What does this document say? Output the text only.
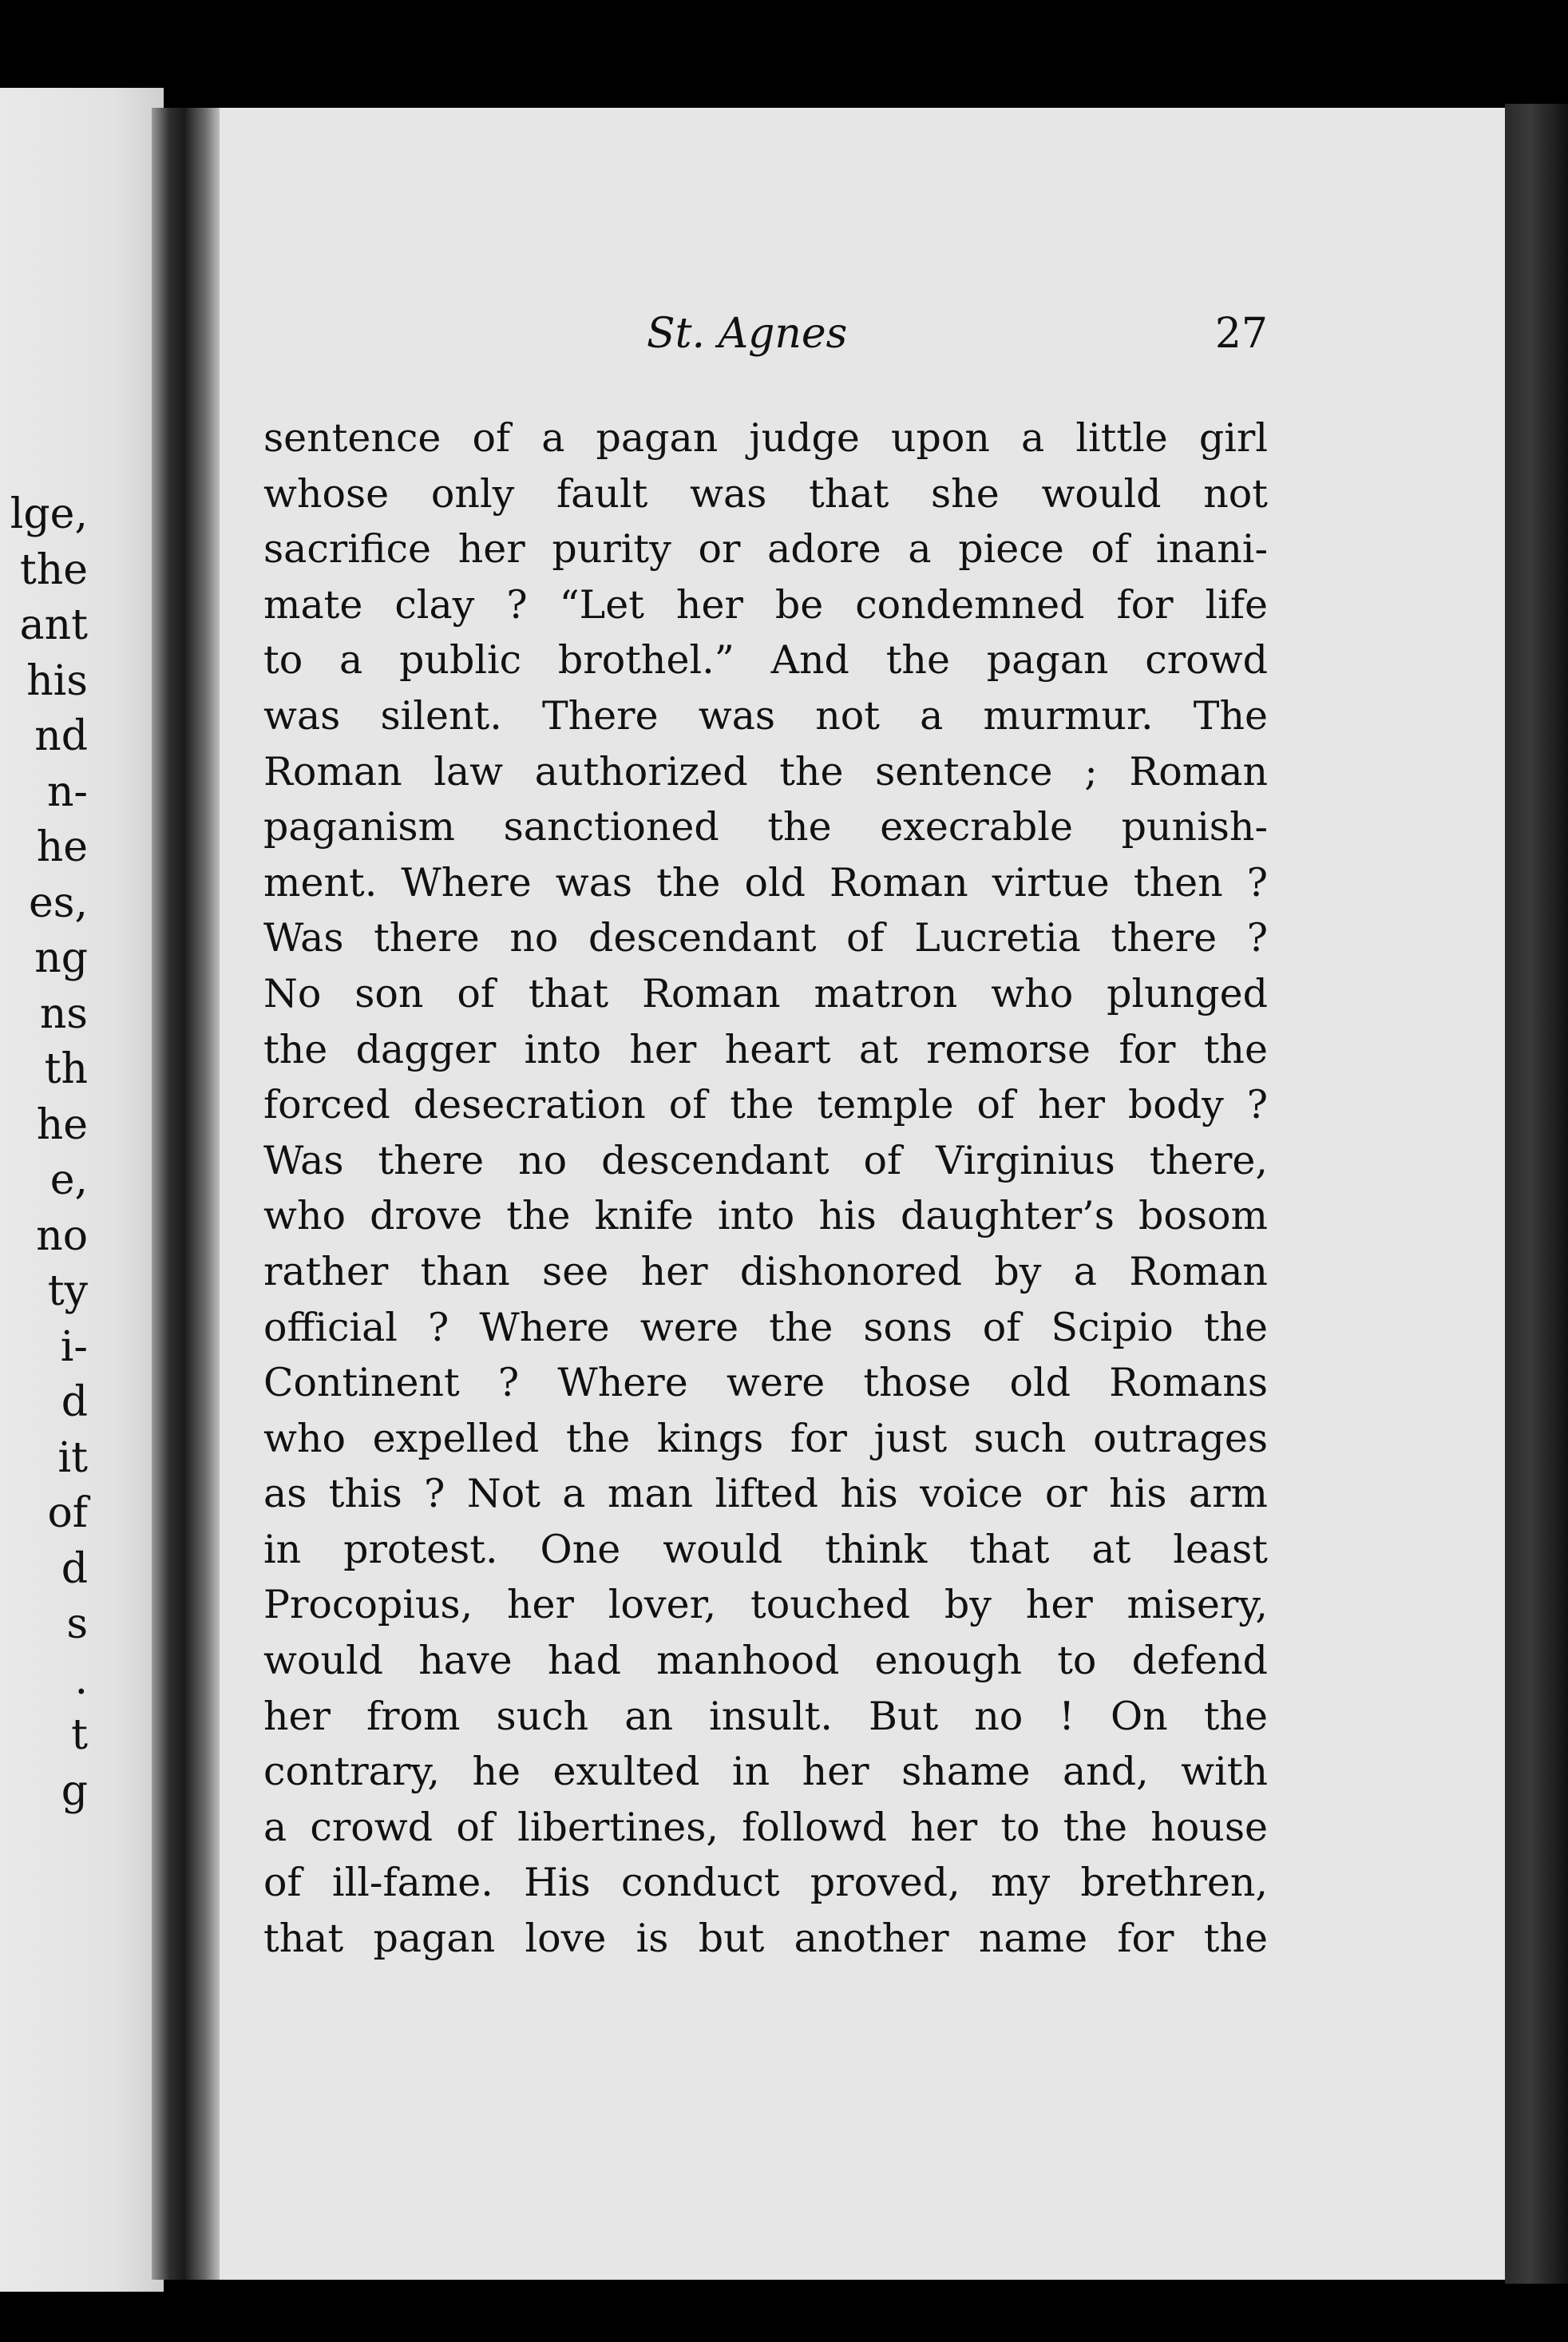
lge,
the
ant
his
nd
n-
he
es,
ng
ns
th
he
e,
no
ty
i-
d
it
of
d
s
.
t
g
St. Agnes	27
sentence of a pagan judge upon a little girl
whose only fault was that she would not
sacrifice her purity or adore a piece of inani-
mate clay ? “Let her be condemned for life
to a public brothel.” And the pagan crowd
was silent. There was not a murmur. The
Roman law authorized the sentence ; Roman
paganism sanctioned the execrable punish-
ment. Where was the old Roman virtue then ?
Was there no descendant of Lucretia there ?
No son of that Roman matron who plunged
the dagger into her heart at remorse for the
forced desecration of the temple of her body ?
Was there no descendant of Virginius there,
who drove the knife into his daughter’s bosom
rather than see her dishonored by a Roman
official ? Where were the sons of Scipio the
Continent ? Where were those old Romans
who expelled the kings for just such outrages
as this ? Not a man lifted his voice or his arm
in protest. One would think that at least
Procopius, her lover, touched by her misery,
would have had manhood enough to defend
her from such an insult. But no ! On the
contrary, he exulted in her shame and, with
a crowd of libertines, followd her to the house
of ill-fame. His conduct proved, my brethren,
that pagan love is but another name for the
